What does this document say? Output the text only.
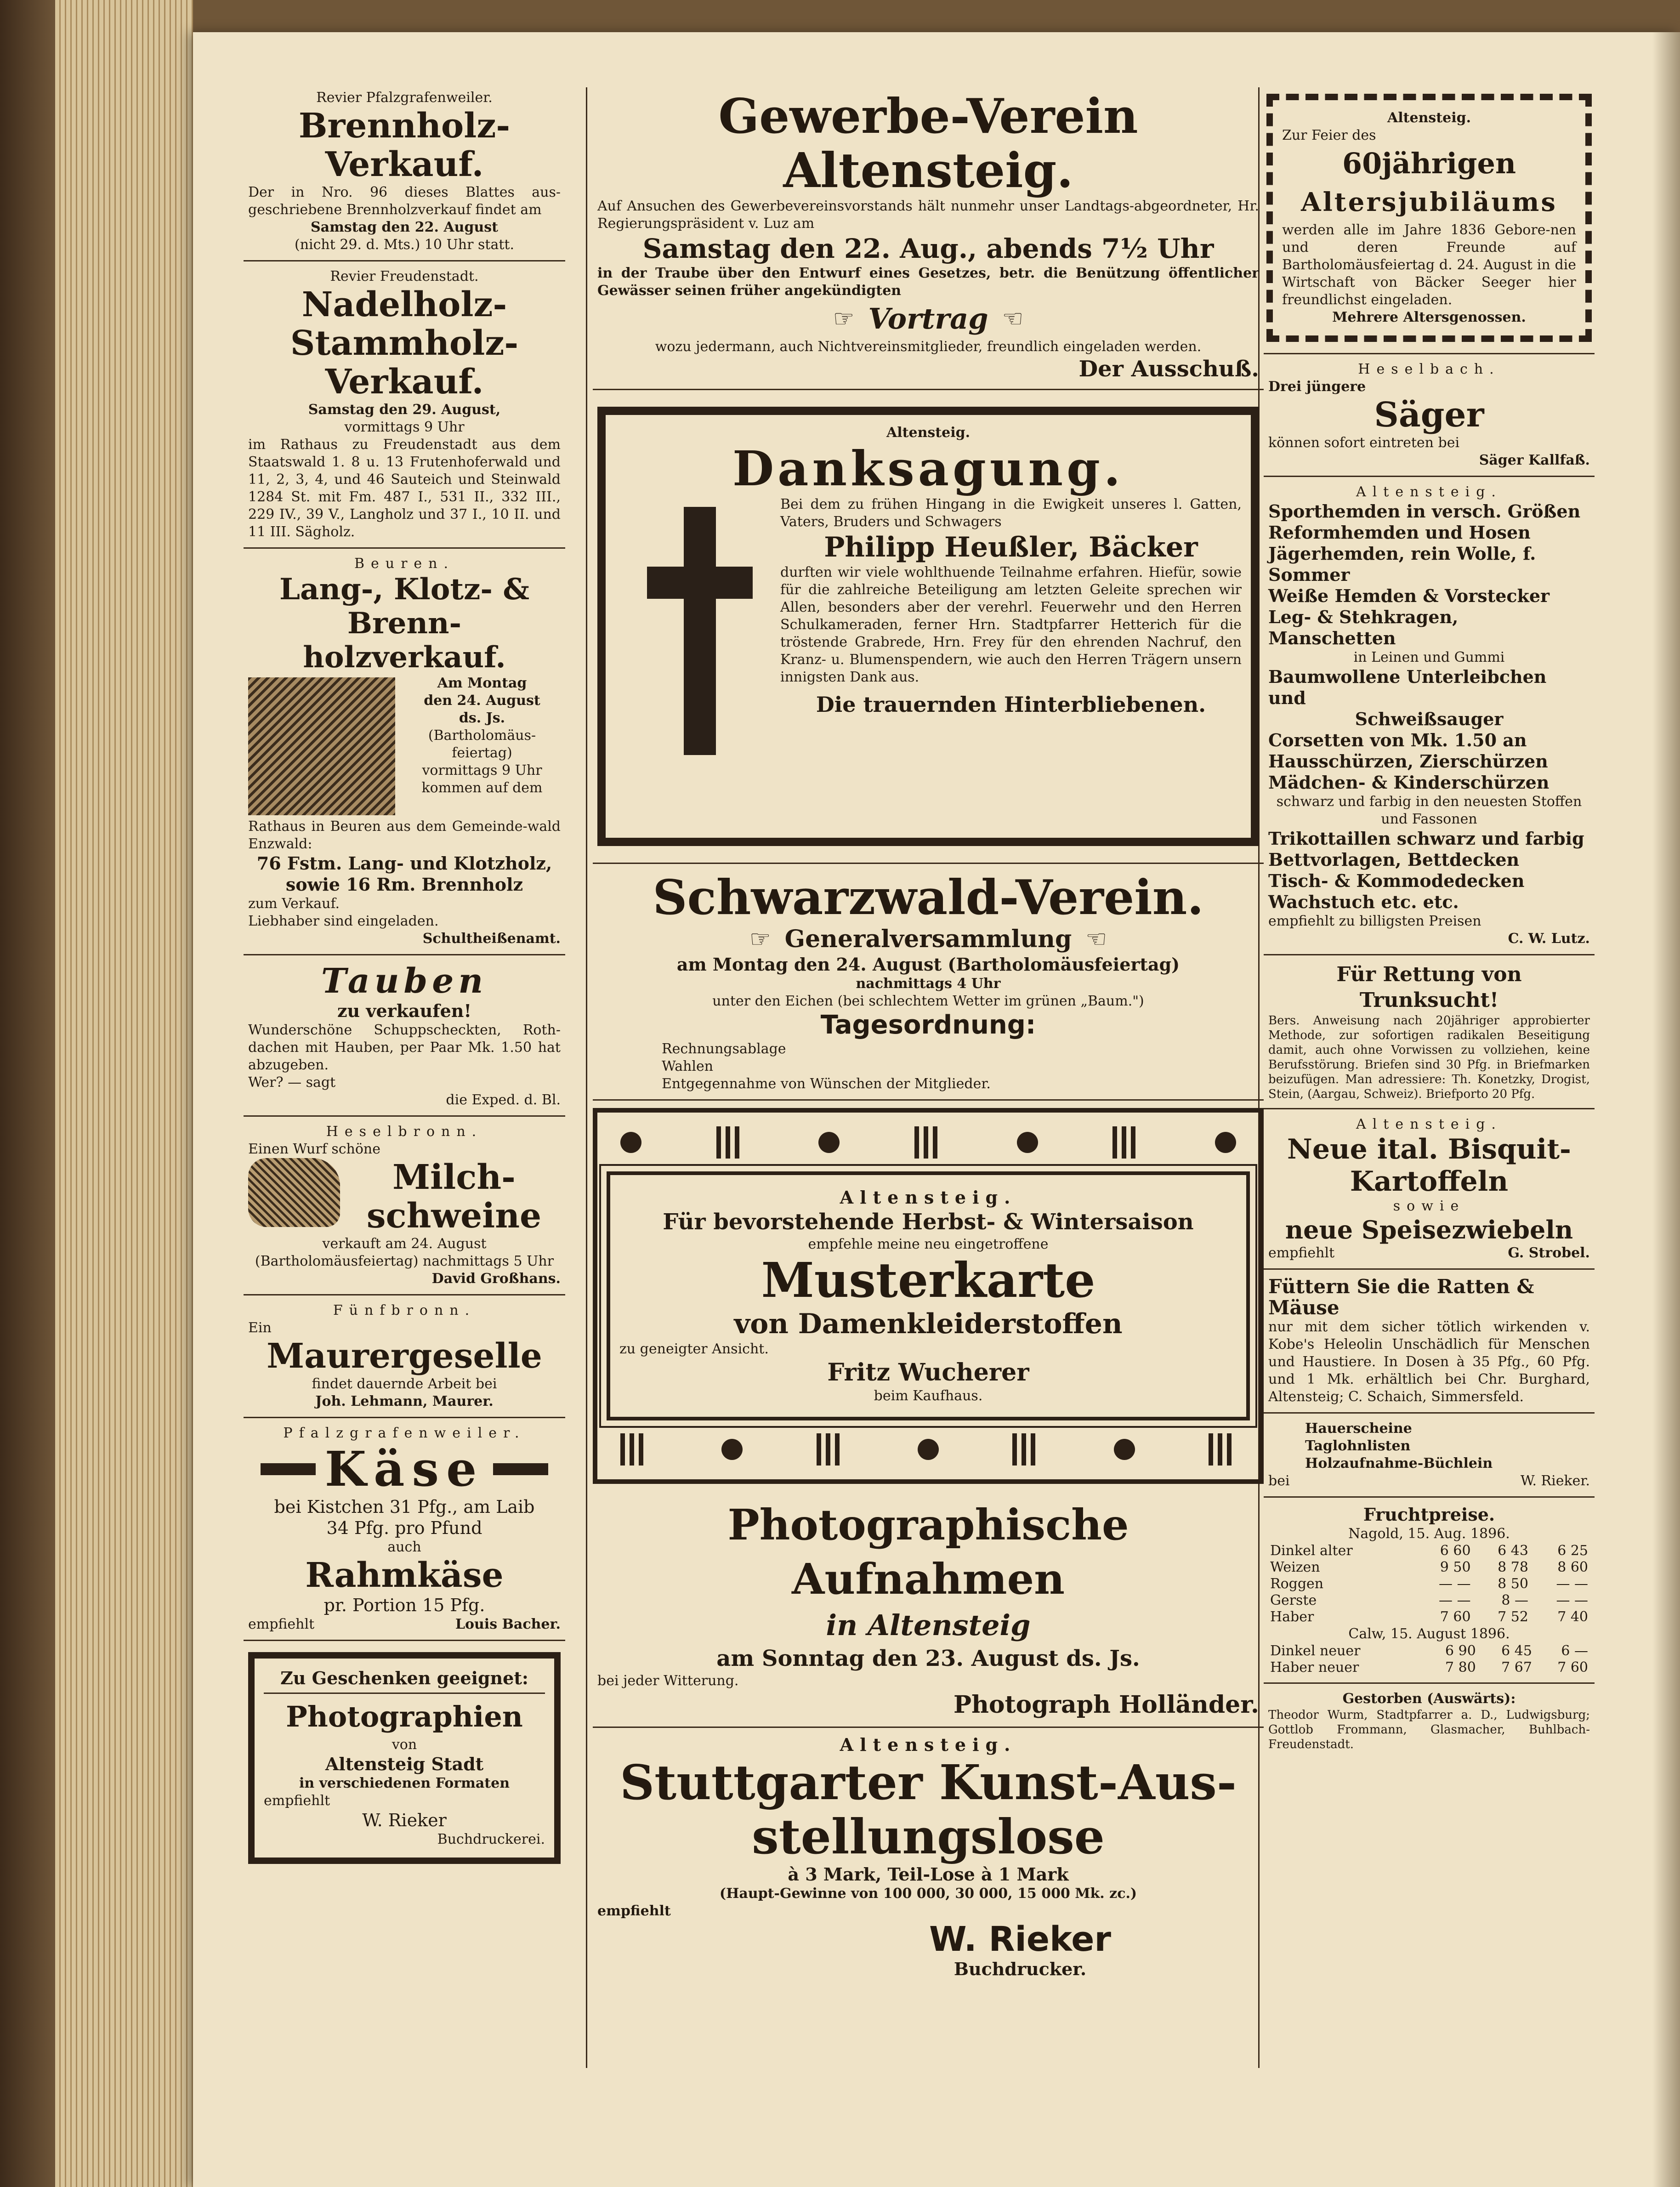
Revier Pfalzgrafenweiler.
Brennholz-Verkauf.
Der in Nro. 96 dieses Blattes aus-geschriebene Brennholzverkauf findet am
Samstag den 22. August
(nicht 29. d. Mts.) 10 Uhr statt.
Revier Freudenstadt.
Nadelholz- Stammholz-
Verkauf.
Samstag den 29. August,
vormittags 9 Uhr
im Rathaus zu Freudenstadt aus dem Staatswald 1. 8 u. 13 Frutenhoferwald und 11, 2, 3, 4, und 46 Sauteich und Steinwald 1284 St. mit Fm. 487 I., 531 II., 332 III., 229 IV., 39 V., Langholz und 37 I., 10 II. und 11 III. Sägholz.
Beuren.
Lang-, Klotz- & Brenn-
holzverkauf.
Am Montag
den 24. August
ds. Js.
(Bartholomäus-feiertag)
vormittags 9 Uhr kommen auf dem
Rathaus in Beuren aus dem Gemeinde-wald Enzwald:
76 Fstm. Lang- und Klotzholz, sowie 16 Rm. Brennholz
zum Verkauf.
Liebhaber sind eingeladen.
Schultheißenamt.
Tauben
zu verkaufen!
Wunderschöne Schuppscheckten, Roth-dachen mit Hauben, per Paar Mk. 1.50 hat abzugeben.
Wer? — sagt
die Exped. d. Bl.
Heselbronn.
Einen Wurf schöne
Milch-
schweine
verkauft am 24. August (Bartholomäusfeiertag) nachmittags 5 Uhr
David Großhans.
Fünfbronn.
Ein
Maurergeselle
findet dauernde Arbeit bei
Joh. Lehmann, Maurer.
Pfalzgrafenweiler.
Käse
bei Kistchen 31 Pfg., am Laib
34 Pfg. pro Pfund
auch
Rahmkäse
pr. Portion 15 Pfg.
empfiehlt	Louis Bacher.
Zu Geschenken geeignet:
Photographien
von
Altensteig Stadt
in verschiedenen Formaten
empfiehlt
W. Rieker
Buchdruckerei.
Gewerbe-Verein Altensteig.
Auf Ansuchen des Gewerbevereinsvorstands hält nunmehr unser Landtags-abgeordneter, Hr. Regierungspräsident v. Luz am
Samstag den 22. Aug., abends 7½ Uhr
in der Traube über den Entwurf eines Gesetzes, betr. die Benützung öffentlicher Gewässer seinen früher angekündigten
☞ Vortrag ☜
wozu jedermann, auch Nichtvereinsmitglieder, freundlich eingeladen werden.
Der Ausschuß.
Altensteig.
Danksagung.
Bei dem zu frühen Hingang in die Ewigkeit unseres l. Gatten, Vaters, Bruders und Schwagers
Philipp Heußler, Bäcker
durften wir viele wohlthuende Teilnahme erfahren. Hiefür, sowie für die zahlreiche Beteiligung am letzten Geleite sprechen wir Allen, besonders aber der verehrl. Feuerwehr und den Herren Schulkameraden, ferner Hrn. Stadtpfarrer Hetterich für die tröstende Grabrede, Hrn. Frey für den ehrenden Nachruf, den Kranz- u. Blumenspendern, wie auch den Herren Trägern unsern innigsten Dank aus.
Die trauernden Hinterbliebenen.
Schwarzwald-Verein.
☞ Generalversammlung ☜
am Montag den 24. August (Bartholomäusfeiertag)
nachmittags 4 Uhr
unter den Eichen (bei schlechtem Wetter im grünen „Baum.")
Tagesordnung:
Rechnungsablage
Wahlen
Entgegennahme von Wünschen der Mitglieder.
Altensteig.
Für bevorstehende Herbst- & Wintersaison
empfehle meine neu eingetroffene
Musterkarte
von Damenkleiderstoffen
zu geneigter Ansicht.
Fritz Wucherer
beim Kaufhaus.
Photographische Aufnahmen
in Altensteig
am Sonntag den 23. August ds. Js.
bei jeder Witterung.
Photograph Holländer.
Altensteig.
Stuttgarter Kunst-Aus-
stellungslose
à 3 Mark, Teil-Lose à 1 Mark
(Haupt-Gewinne von 100 000, 30 000, 15 000 Mk. zc.)
empfiehlt
W. Rieker
Buchdrucker.
Altensteig.
Zur Feier des
60jährigen
Altersjubiläums
werden alle im Jahre 1836 Gebore-nen und deren Freunde auf Bartholomäusfeiertag d. 24. August in die Wirtschaft von Bäcker Seeger hier freundlichst eingeladen.
Mehrere Altersgenossen.
Heselbach.
Drei jüngere
Säger
können sofort eintreten bei
Säger Kallfaß.
Altensteig.
Sporthemden in versch. Größen
Reformhemden und Hosen
Jägerhemden, rein Wolle, f. Sommer
Weiße Hemden & Vorstecker
Leg- & Stehkragen, Manschetten
in Leinen und Gummi
Baumwollene Unterleibchen und
Schweißsauger
Corsetten von Mk. 1.50 an
Hausschürzen, Zierschürzen
Mädchen- & Kinderschürzen
schwarz und farbig in den neuesten Stoffen und Fassonen
Trikottaillen schwarz und farbig
Bettvorlagen, Bettdecken
Tisch- & Kommodedecken
Wachstuch etc. etc.
empfiehlt zu billigsten Preisen
C. W. Lutz.
Für Rettung von Trunksucht!
Bers. Anweisung nach 20jähriger approbierter Methode, zur sofortigen radikalen Beseitigung damit, auch ohne Vorwissen zu vollziehen, keine Berufsstörung. Briefen sind 30 Pfg. in Briefmarken beizufügen. Man adressiere: Th. Konetzky, Drogist, Stein, (Aargau, Schweiz). Briefporto 20 Pfg.
Altensteig.
Neue ital. Bisquit-
Kartoffeln
sowie
neue Speisezwiebeln
empfiehlt	G. Strobel.
Füttern Sie die Ratten & Mäuse
nur mit dem sicher tötlich wirkenden v. Kobe's Heleolin Unschädlich für Menschen und Haustiere. In Dosen à 35 Pfg., 60 Pfg. und 1 Mk. erhältlich bei Chr. Burghard, Altensteig; C. Schaich, Simmersfeld.
Hauerscheine
Taglohnlisten
Holzaufnahme-Büchlein
bei	W. Rieker.
Fruchtpreise.
Nagold, 15. Aug. 1896.
Dinkel alter	6 60	6 43	6 25
Weizen	9 50	8 78	8 60
Roggen	— —	8 50	— —
Gerste	— —	8 —	— —
Haber	7 60	7 52	7 40
Calw, 15. August 1896.
Dinkel neuer	6 90	6 45	6 —
Haber neuer	7 80	7 67	7 60
Gestorben (Auswärts):
Theodor Wurm, Stadtpfarrer a. D., Ludwigsburg; Gottlob Frommann, Glasmacher, Buhlbach-Freudenstadt.
